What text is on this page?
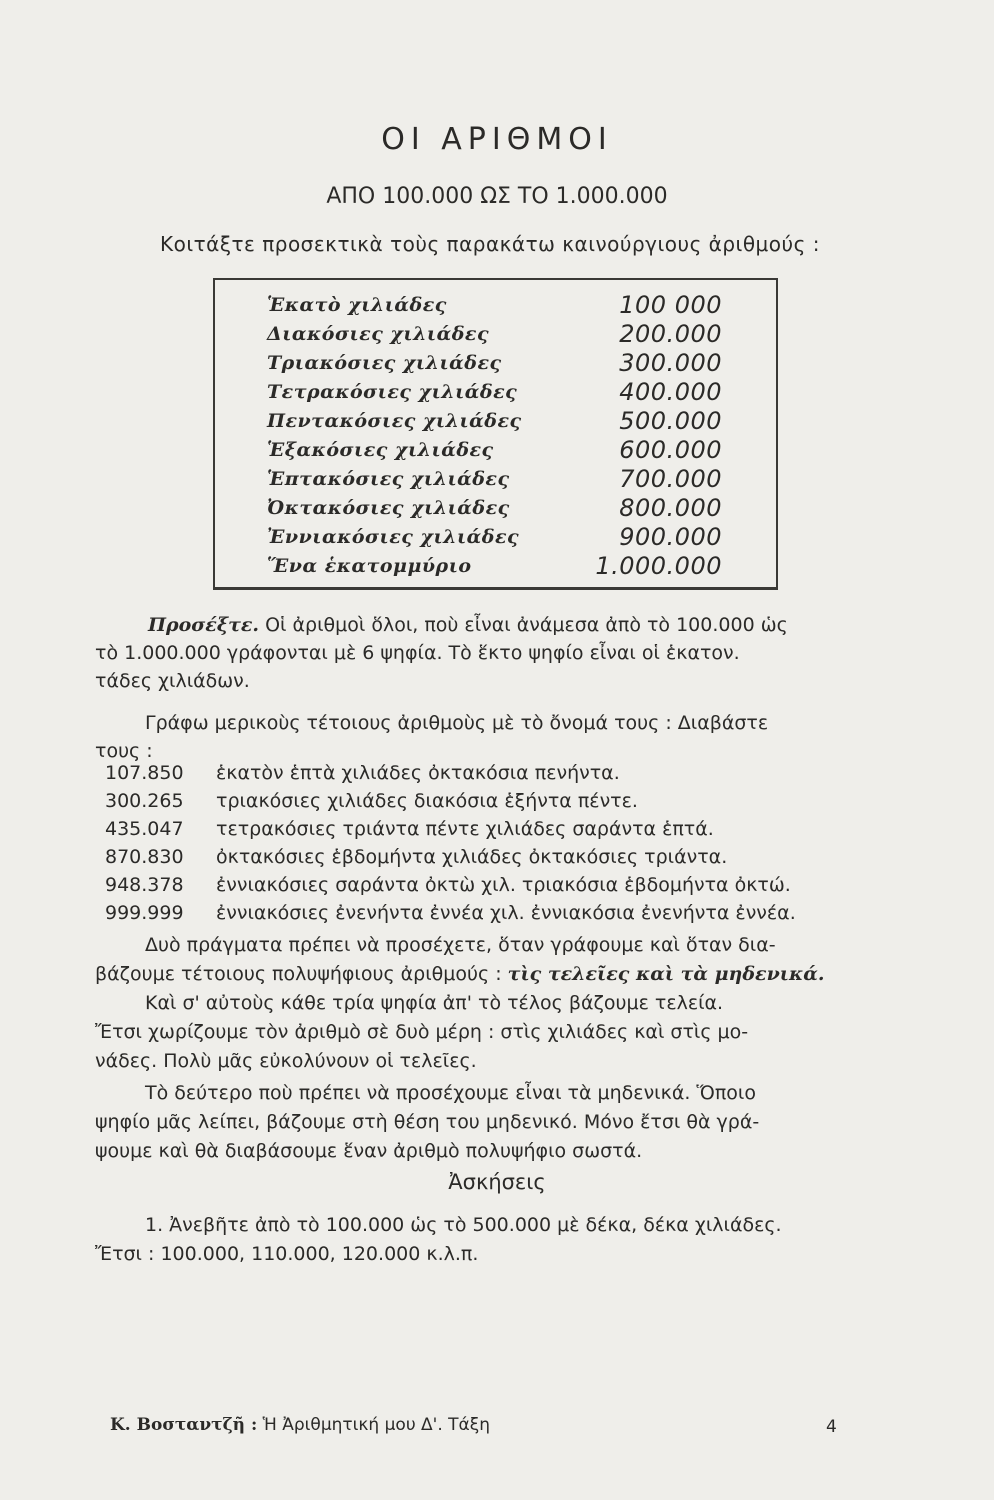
ΟΙ ΑΡΙΘΜΟΙ
ΑΠΟ 100.000 ΩΣ ΤΟ 1.000.000
Κοιτάξτε προσεκτικὰ τοὺς παρακάτω καινούργιους ἀριθμούς :
Ἑκατὸ χιλιάδες	100 000
Διακόσιες χιλιάδες	200.000
Τριακόσιες χιλιάδες	300.000
Τετρακόσιες χιλιάδες	400.000
Πεντακόσιες χιλιάδες	500.000
Ἑξακόσιες χιλιάδες	600.000
Ἑπτακόσιες χιλιάδες	700.000
Ὀκτακόσιες χιλιάδες	800.000
Ἐννιακόσιες χιλιάδες	900.000
Ἕνα ἑκατομμύριο	1.000.000
Προσέξτε. Οἱ ἀριθμοὶ ὅλοι, ποὺ εἶναι ἀνάμεσα ἀπὸ τὸ 100.000 ὡς
τὸ 1.000.000 γράφονται μὲ 6 ψηφία. Τὸ ἕκτο ψηφίο εἶναι οἱ ἑκατον.
τάδες χιλιάδων.
Γράφω μερικοὺς τέτοιους ἀριθμοὺς μὲ τὸ ὄνομά τους : Διαβάστε
τους :
107.850 ἑκατὸν ἑπτὰ χιλιάδες ὀκτακόσια πενήντα.
300.265 τριακόσιες χιλιάδες διακόσια ἑξήντα πέντε.
435.047 τετρακόσιες τριάντα πέντε χιλιάδες σαράντα ἑπτά.
870.830 ὀκτακόσιες ἑβδομήντα χιλιάδες ὀκτακόσιες τριάντα.
948.378 ἐννιακόσιες σαράντα ὀκτὼ χιλ. τριακόσια ἑβδομήντα ὀκτώ.
999.999 ἐννιακόσιες ἐνενήντα ἐννέα χιλ. ἐννιακόσια ἐνενήντα ἐννέα.
Δυὸ πράγματα πρέπει νὰ προσέχετε, ὅταν γράφουμε καὶ ὅταν δια-
βάζουμε τέτοιους πολυψήφιους ἀριθμούς : τὶς τελεῖες καὶ τὰ μηδενικά.
Καὶ σ' αὐτοὺς κάθε τρία ψηφία ἀπ' τὸ τέλος βάζουμε τελεία.
Ἔτσι χωρίζουμε τὸν ἀριθμὸ σὲ δυὸ μέρη : στὶς χιλιάδες καὶ στὶς μο-
νάδες. Πολὺ μᾶς εὐκολύνουν οἱ τελεῖες.
Τὸ δεύτερο ποὺ πρέπει νὰ προσέχουμε εἶναι τὰ μηδενικά. Ὅποιο
ψηφίο μᾶς λείπει, βάζουμε στὴ θέση του μηδενικό. Μόνο ἔτσι θὰ γρά-
ψουμε καὶ θὰ διαβάσουμε ἕναν ἀριθμὸ πολυψήφιο σωστά.
Ἀσκήσεις
1. Ἀνεβῆτε ἀπὸ τὸ 100.000 ὡς τὸ 500.000 μὲ δέκα, δέκα χιλιάδες.
Ἔτσι : 100.000, 110.000, 120.000 κ.λ.π.
Κ. Βοσταντζῆ : Ἡ Ἀριθμητική μου Δ'. Τάξη	4
